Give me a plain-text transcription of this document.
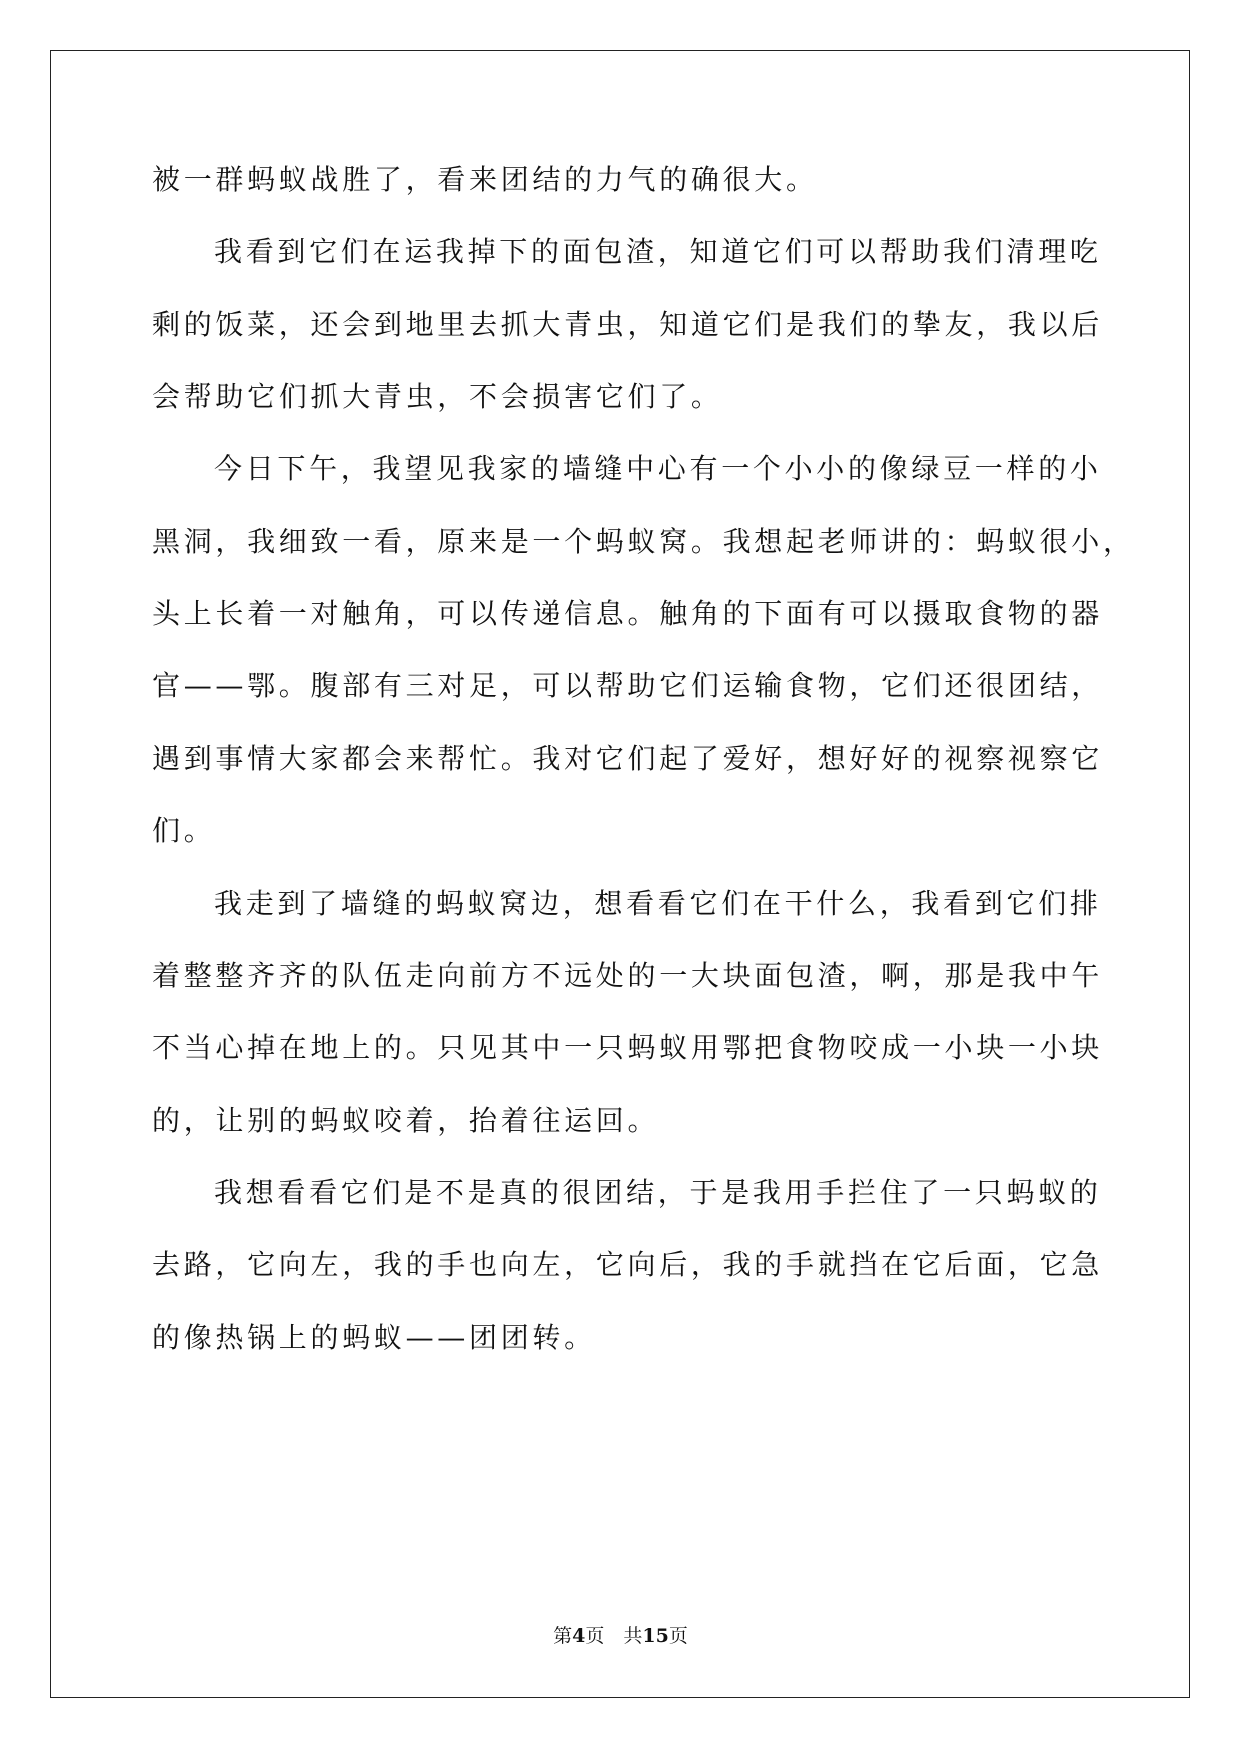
被一群蚂蚁战胜了，看来团结的力气的确很大。
我看到它们在运我掉下的面包渣，知道它们可以帮助我们清理吃
剩的饭菜，还会到地里去抓大青虫，知道它们是我们的挚友，我以后
会帮助它们抓大青虫，不会损害它们了。
今日下午，我望见我家的墙缝中心有一个小小的像绿豆一样的小
黑洞，我细致一看，原来是一个蚂蚁窝。我想起老师讲的：蚂蚁很小，
头上长着一对触角，可以传递信息。触角的下面有可以摄取食物的器
官——鄂。腹部有三对足，可以帮助它们运输食物，它们还很团结，
遇到事情大家都会来帮忙。我对它们起了爱好，想好好的视察视察它
们。
我走到了墙缝的蚂蚁窝边，想看看它们在干什么，我看到它们排
着整整齐齐的队伍走向前方不远处的一大块面包渣，啊，那是我中午
不当心掉在地上的。只见其中一只蚂蚁用鄂把食物咬成一小块一小块
的，让别的蚂蚁咬着，抬着往运回。
我想看看它们是不是真的很团结，于是我用手拦住了一只蚂蚁的
去路，它向左，我的手也向左，它向后，我的手就挡在它后面，它急
的像热锅上的蚂蚁——团团转。
第4页　共15页
